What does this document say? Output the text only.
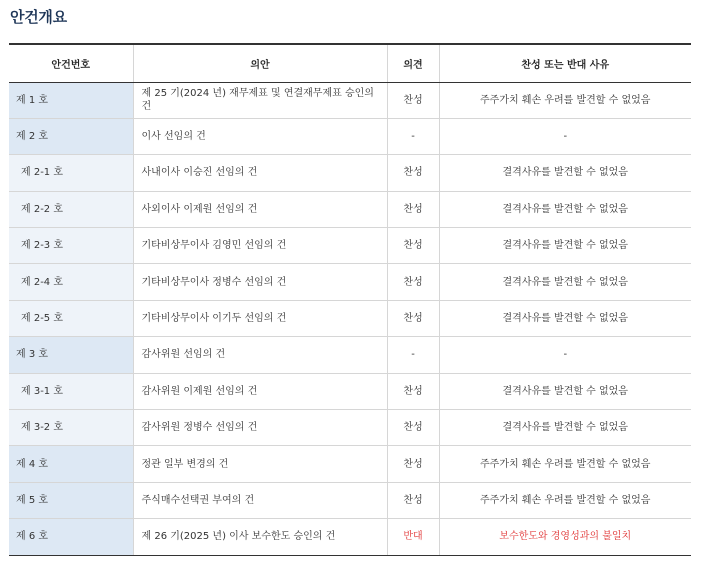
안건개요
안건번호	의안	의견	찬성 또는 반대 사유
제 1 호	제 25 기(2024 년) 재무제표 및 연결재무제표 승인의 건	찬성	주주가치 훼손 우려를 발견할 수 없었음
제 2 호	이사 선임의 건	-	-
제 2-1 호	사내이사 이승진 선임의 건	찬성	결격사유를 발견할 수 없었음
제 2-2 호	사외이사 이제원 선임의 건	찬성	결격사유를 발견할 수 없었음
제 2-3 호	기타비상무이사 김영민 선임의 건	찬성	결격사유를 발견할 수 없었음
제 2-4 호	기타비상무이사 정병수 선임의 건	찬성	결격사유를 발견할 수 없었음
제 2-5 호	기타비상무이사 이기두 선임의 건	찬성	결격사유를 발견할 수 없었음
제 3 호	감사위원 선임의 건	-	-
제 3-1 호	감사위원 이제원 선임의 건	찬성	결격사유를 발견할 수 없었음
제 3-2 호	감사위원 정병수 선임의 건	찬성	결격사유를 발견할 수 없었음
제 4 호	정관 일부 변경의 건	찬성	주주가치 훼손 우려를 발견할 수 없었음
제 5 호	주식매수선택권 부여의 건	찬성	주주가치 훼손 우려를 발견할 수 없었음
제 6 호	제 26 기(2025 년) 이사 보수한도 승인의 건	반대	보수한도와 경영성과의 불일치
